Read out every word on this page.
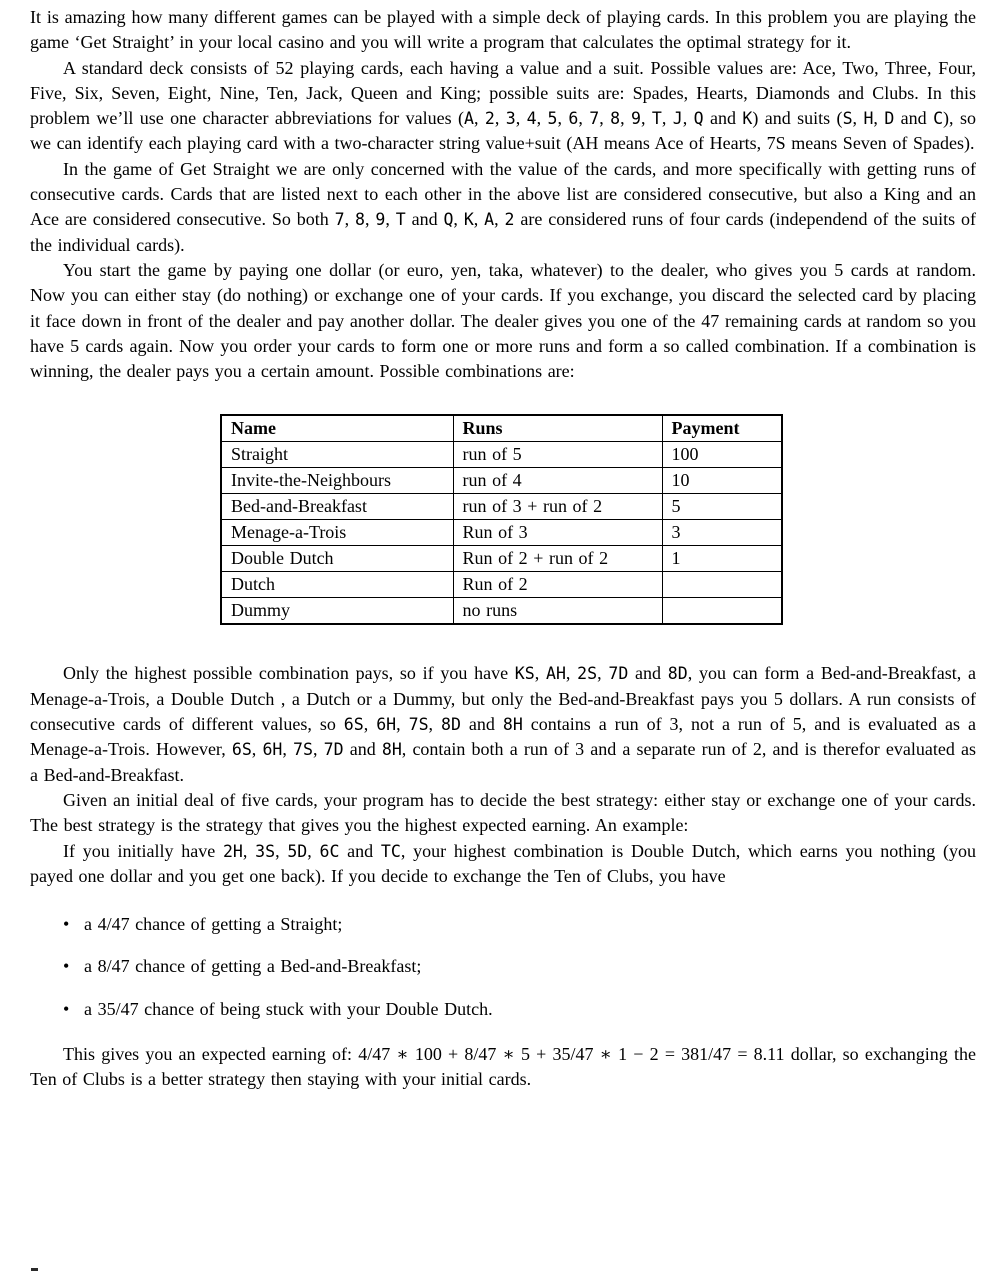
It is amazing how many different games can be played with a simple deck of playing cards. In this problem you are playing the game ‘Get Straight’ in your local casino and you will write a program that calculates the optimal strategy for it.

A standard deck consists of 52 playing cards, each having a value and a suit. Possible values are: Ace, Two, Three, Four, Five, Six, Seven, Eight, Nine, Ten, Jack, Queen and King; possible suits are: Spades, Hearts, Diamonds and Clubs. In this problem we’ll use one character abbreviations for values (A, 2, 3, 4, 5, 6, 7, 8, 9, T, J, Q and K) and suits (S, H, D and C), so we can identify each playing card with a two-character string value+suit (AH means Ace of Hearts, 7S means Seven of Spades).

In the game of Get Straight we are only concerned with the value of the cards, and more specifically with getting runs of consecutive cards. Cards that are listed next to each other in the above list are considered consecutive, but also a King and an Ace are considered consecutive. So both 7, 8, 9, T and Q, K, A, 2 are considered runs of four cards (independend of the suits of the individual cards).

You start the game by paying one dollar (or euro, yen, taka, whatever) to the dealer, who gives you 5 cards at random. Now you can either stay (do nothing) or exchange one of your cards. If you exchange, you discard the selected card by placing it face down in front of the dealer and pay another dollar. The dealer gives you one of the 47 remaining cards at random so you have 5 cards again. Now you order your cards to form one or more runs and form a so called combination. If a combination is winning, the dealer pays you a certain amount. Possible combinations are:

Name	Runs	Payment
Straight	run of 5	100
Invite-the-Neighbours	run of 4	10
Bed-and-Breakfast	run of 3 + run of 2	5
Menage-a-Trois	Run of 3	3
Double Dutch	Run of 2 + run of 2	1
Dutch	Run of 2	
Dummy	no runs	

Only the highest possible combination pays, so if you have KS, AH, 2S, 7D and 8D, you can form a Bed-and-Breakfast, a Menage-a-Trois, a Double Dutch , a Dutch or a Dummy, but only the Bed-and-Breakfast pays you 5 dollars. A run consists of consecutive cards of different values, so 6S, 6H, 7S, 8D and 8H contains a run of 3, not a run of 5, and is evaluated as a Menage-a-Trois. However, 6S, 6H, 7S, 7D and 8H, contain both a run of 3 and a separate run of 2, and is therefor evaluated as a Bed-and-Breakfast.

Given an initial deal of five cards, your program has to decide the best strategy: either stay or exchange one of your cards. The best strategy is the strategy that gives you the highest expected earning. An example:

If you initially have 2H, 3S, 5D, 6C and TC, your highest combination is Double Dutch, which earns you nothing (you payed one dollar and you get one back). If you decide to exchange the Ten of Clubs, you have

• a 4/47 chance of getting a Straight;
• a 8/47 chance of getting a Bed-and-Breakfast;
• a 35/47 chance of being stuck with your Double Dutch.

This gives you an expected earning of: 4/47 ∗ 100 + 8/47 ∗ 5 + 35/47 ∗ 1 − 2 = 381/47 = 8.11 dollar, so exchanging the Ten of Clubs is a better strategy then staying with your initial cards.
